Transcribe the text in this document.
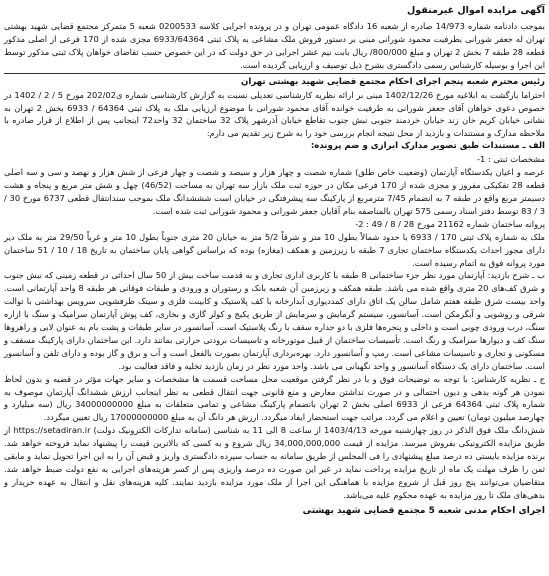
آگهی مزایده اموال غیرمنقول

بموجب دادنامه شماره 14/973 صادره از شعبه 16 دادگاه عمومی تهران و در پرونده اجرایی کلاسه 0200533 شعبه 5 متمرکز مجتمع قضایی شهید بهشتی تهران له جعفر شورانی بطرفیت محمود شورانی مبنی بر دستور فروش ملک مشاعی به پلاک ثبتی 6933/64364 مجزی شده از 170 فرعی از اصلی مذکور قطعه 28 طبقه 7 بخش 2 تهران و مبلغ 800/000/ ریال بابت نیم عشر اجرایی در حق دولت که در این خصوص حسب تقاضای خواهان پلاک ثبتی مذکور توسط این اجرا و بوسیله کارشناس رسمی دادگستری بشرح ذیل توصیف و ارزیابی گردیده است.

رئیس محترم شعبه پنجم اجرای احکام مجتمع قضایی شهید بهشتی تهران

احتراما بازگشت به ابلاغیه مورخ 1402/12/26 مبنی بر ارائه نظریه کارشناسی تعدیلی نسبت به گزارش کارشناسی شماره ی202/02 مورخ 5 / 2 / 1402 در خصوص دعوی خواهان آقای جعفر شورانی به طرفیت خوانده آقای محمود شورانی با موضوع ارزیابی ملک به پلاک ثبتی 64364 / 6933 بخش 2 تهران به نشانی خیابان کریم خان زند خیابان خردمند جنوبی نبش جنوب تقاطع خیابان آذرشهر پلاک 32 ساختمان 32 واحد72 اینجانب پس از اطلاع از قرار صادره با ملاحظه مدارک و مستندات و بازدید از محل نتیجه انجام بررسی خود را به شرح زیر تقدیم می دارم:

الف ـ مستندات طبق تصویر مدارک ابرازی و ضم پرونده:

مشخصات ثبتی : 1-

عرصه و اعیان یکدستگاه آپارتمان (وضعیت خاص طلق) شماره شصت و چهار هزار و سیصد و شصت و چهار فرعی از شش هزار و نهصد و سی و سه اصلی قطعه 28 تفکیکی مفروز و مجزی شده از 170 فرعی مکان در حوزه ثبت ملک بازار سه تهران به مساحت (46/52) چهل و شش متر مربع و پنجاه و هشت دسیمتر مربع واقع در طبقه 7 به انضمام 7/45 مترمربع از پارکینگ سه پیشرفتگی در خیابان است شششدانگ ملک بموجب سندانتقال قطعی 6737 مورخ 30 / 3 / 83 توسط دفتر اسناد رسمی 575 تهران بالمناصفه بنام آقایان جعفر شورانی و محمود شورانی ثبت شده است.

پروانه ساختمان شماره 21162 مورخ 28 / 8 / 49 : 2-

ملک به شماره پلاک ثبتی 170 / 6933 با حدود شمالاً بطول 10 متر و شرقاً 5/2 متر به خیابان 20 متری جنوباً بطول 10 متر و غرباً 29/50 متر به ملک دیر دارای مجوز احداث یکدستگاه ساختمان تجاری 7 طبقه با زیرزمین و همکف (مغازه) بوده که براساس گواهی پایان ساختمان به تاریخ 18 / 10 / 51 ساختمان مورد پروانه فوق به اتمام رسیده است.

ب ـ شرح بازدید: آپارتمان مورد نظر جزء ساختمانی 8 طبقه با کاربری اداری تجاری و به قدمت ساخت بیش از 50 سال احداثی در قطعه زمینی که نبش جنوب و شرق کف‌های 20 متری واقع شده می باشد. طبقه همکف و زیرزمین آن شعبه بانک و رستوران و ورودی و طبقات فوقانی هر طبقه 8 واحد آپارتمانی است. واحد بیست شرق طبقه هفتم شامل سالن یک اتاق دارای کمددیواری آبدارخانه با کف پلاستیک و کابینت فلزی و سینک ظرفشویی سرویس بهداشتی با توالت شرقی و روشویی و آبگرمکن است. آسانسور، سیستم گرمایش و سرمایش از طریق پکیج و کولر گازی و بخاری، کف پوش آپارتمان سرامیک و سنگ با ازاره سنگ، درب ورودی چوبی است و داخلی و پنجره‌ها فلزی با دو جداره سقف با رنگ پلاستیک است. آسانسور در سایر طبقات و پشت بام به عنوان لابی و راهروها سنگ کف و دیوارها سرامیک و رنگ است. تأسیسات ساختمان از قبیل موتورخانه و تاسیسات برودتی حرارتی بمانند دارد. این ساختمان دارای پارکینگ مسقف و مسکونی و تجاری و تاسیسات مشاعی است. رمپ و آسانسور دارد. بهره‌برداری آپارتمان بصورت بالفعل است و آب و برق و گاز بوده و دارای تلفن و آسانسور است. ساختمان دارای یک دستگاه آسانسور و واحد نگهبانی می باشد. واحد مورد نظر در زمان بازدید تخلیه و فاقد فعالیت بود.

ج ـ نظریه کارشناس: با توجه به توضیحات فوق و با در نظر گرفتن موقعیت محل مساحت قسمت ها مشخصات و سایر جهات مؤثر در قضیه و بدون لحاظ نمودن هر گونه بدهی و دیون احتمالی و در صورت نداشتن معارض و منع قانونی جهت انتقال قطعی به نظر اینجانب ارزش ششدانگ آپارتمان موصوف به شماره پلاک ثبتی 64364 فرعی از 6933 اصلی بخش 2 تهران بانضمام پارکینگ مشاعی و تمامی متعلقات به مبلغ 34000000000 ریال (سه میلیارد و چهارصد میلیون تومان) تعیین و اعلام می گردد. مراتب جهت استحضار ایفاد میگردد. ارزش هر دانگ آن به مبلغ 17000000000 ریال تعیین میگردد.

شش‌دانگ ملک فوق الذکر در روز چهارشنبه مورخه 1403/4/13 از ساعت 8 الی 11 به شناسی (سامانه تدارکات الکترونیک دولت) https://setadiran.ir از طریق مزایده الکترونیکی بفروش میرسد. مزایده از قیمت 34,000,000,000 ریال شروع و به کسی که بالاترین قیمت را پیشنهاد نماید فروخته خواهد شد. برنده مزایده بایستی ده درصد مبلغ پیشنهادی را فی المجلس از طریق سامانه به حساب سپرده دادگستری واریز و قبض آن را به این اجرا تحویل نماید و مابقی ثمن را ظرف مهلت یک ماه از تاریخ مزایده پرداخت نماید در غیر این صورت ده درصد واریزی پس از کسر هزینه‌های اجرایی به نفع دولت ضبط خواهد شد. متقاضیان می‌توانند پنج روز قبل از شروع مزایده با هماهنگی این اجرا از ملک مورد مزایده بازدید نمایند. کلیه هزینه‌های نقل و انتقال به عهده خریدار و بدهی‌های ملک تا روز مزایده به عهده محکوم علیه می‌باشد.

اجرای احکام مدنی شعبه 5 مجتمع قضایی شهید بهشتی
